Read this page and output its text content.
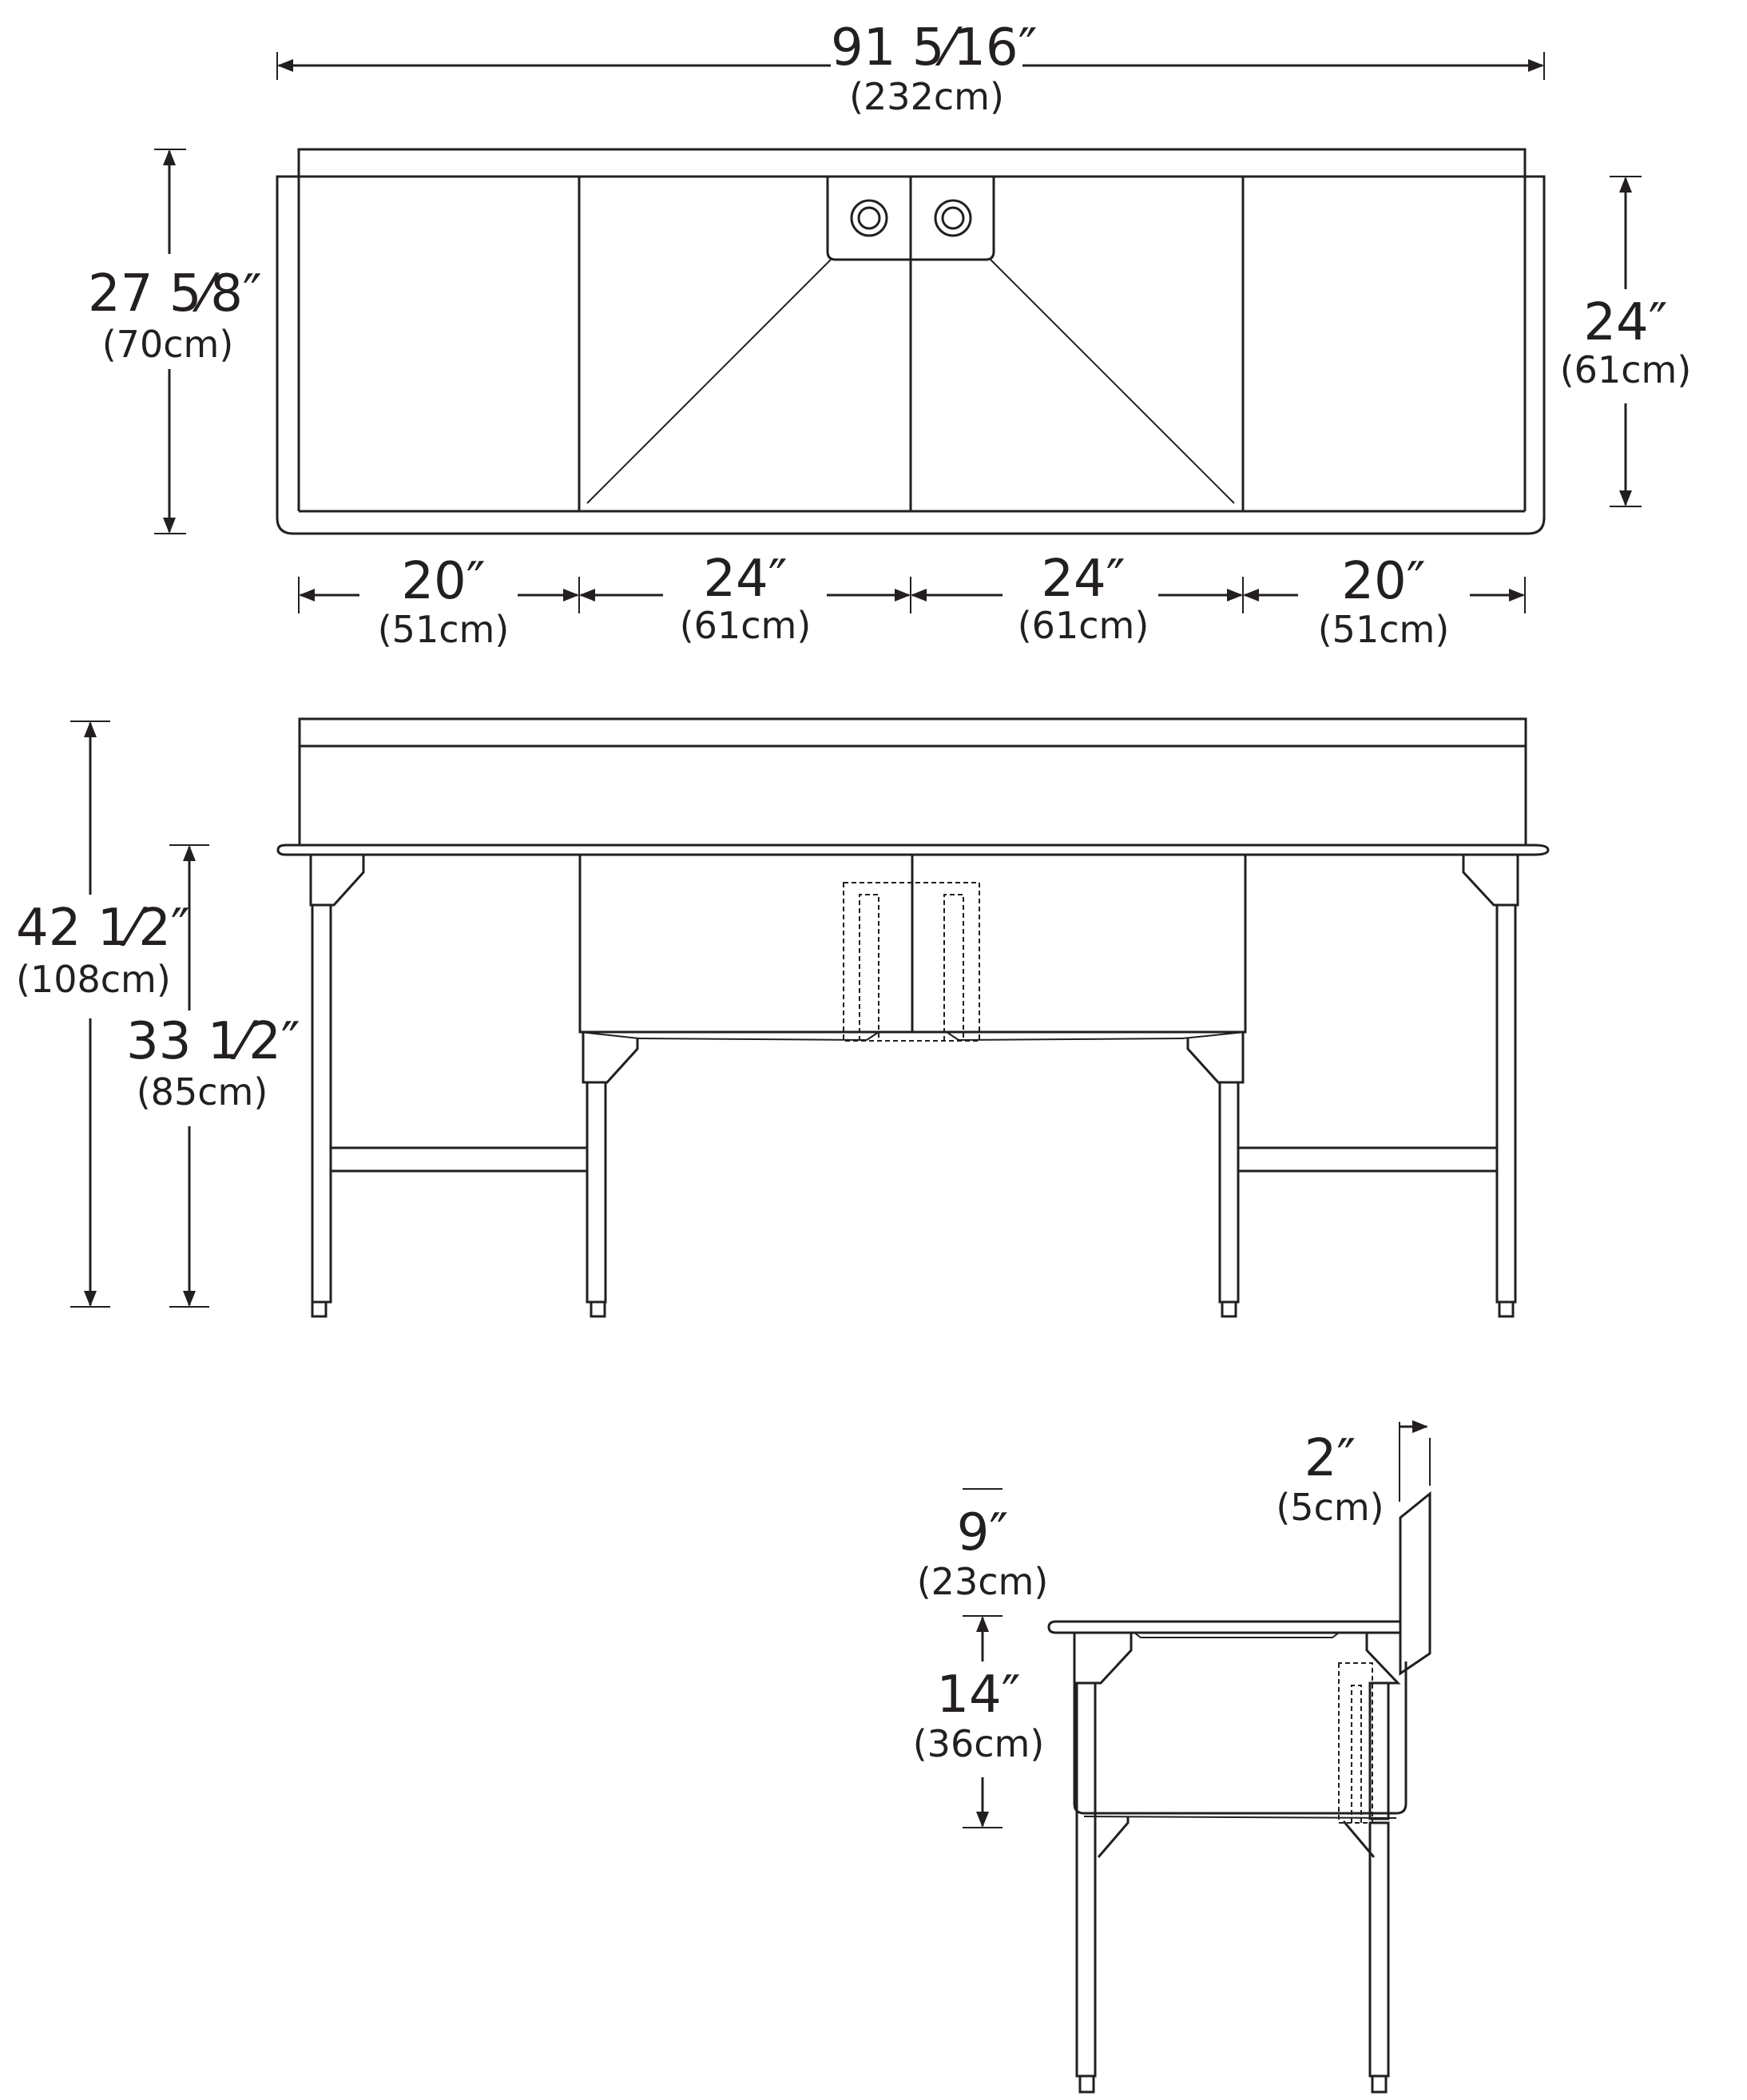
91 5⁄16″
(232cm)
27 5⁄8″
(70cm)	24″
(61cm)
20″
(51cm)
24″
(61cm)
24″
(61cm)
20″
(51cm)
42 1⁄2″
(108cm)
33 1⁄2″
(85cm)
2″
(5cm)
9″
(23cm)
14″
(36cm)
